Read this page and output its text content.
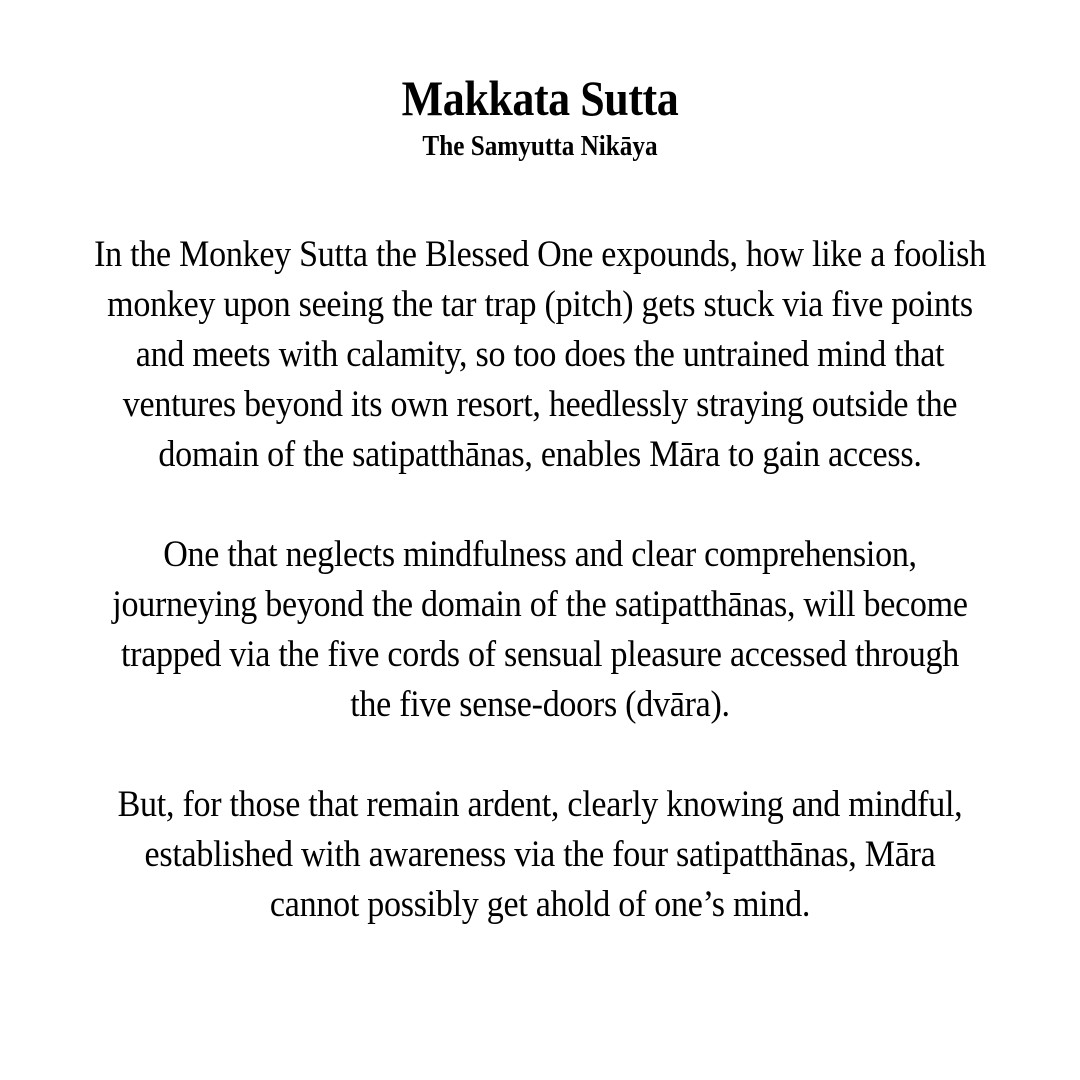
Makkata Sutta
The Samyutta Nikāya
In the Monkey Sutta the Blessed One expounds, how like a foolish
monkey upon seeing the tar trap (pitch) gets stuck via five points
and meets with calamity, so too does the untrained mind that
ventures beyond its own resort, heedlessly straying outside the
domain of the satipatthānas, enables Māra to gain access.
One that neglects mindfulness and clear comprehension,
journeying beyond the domain of the satipatthānas, will become
trapped via the five cords of sensual pleasure accessed through
the five sense-doors (dvāra).
But, for those that remain ardent, clearly knowing and mindful,
established with awareness via the four satipatthānas, Māra
cannot possibly get ahold of one’s mind.
